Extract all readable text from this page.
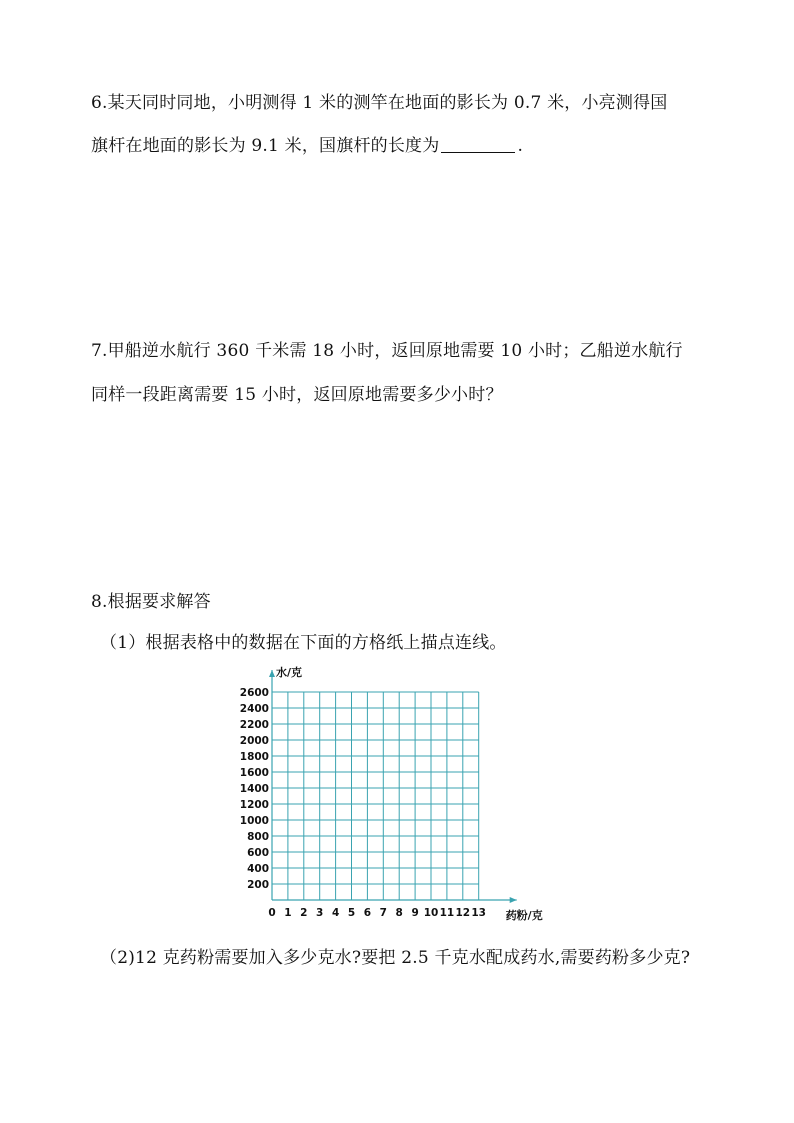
6.某天同时同地，小明测得 1 米的测竿在地面的影长为 0.7 米，小亮测得国
旗杆在地面的影长为 9.1 米，国旗杆的长度为	.
7.甲船逆水航行 360 千米需 18 小时，返回原地需要 10 小时；乙船逆水航行
同样一段距离需要 15 小时，返回原地需要多少小时？
8.根据要求解答
（1）根据表格中的数据在下面的方格纸上描点连线。
200
400
600
800
1000
1200
1400
1600
1800
2000
2200
2400
2600
0 1 2 3 4 5 6 7 8 9 10 11 12 13
水/克
药粉/克
（2)12 克药粉需要加入多少克水?要把 2.5 千克水配成药水,需要药粉多少克?
